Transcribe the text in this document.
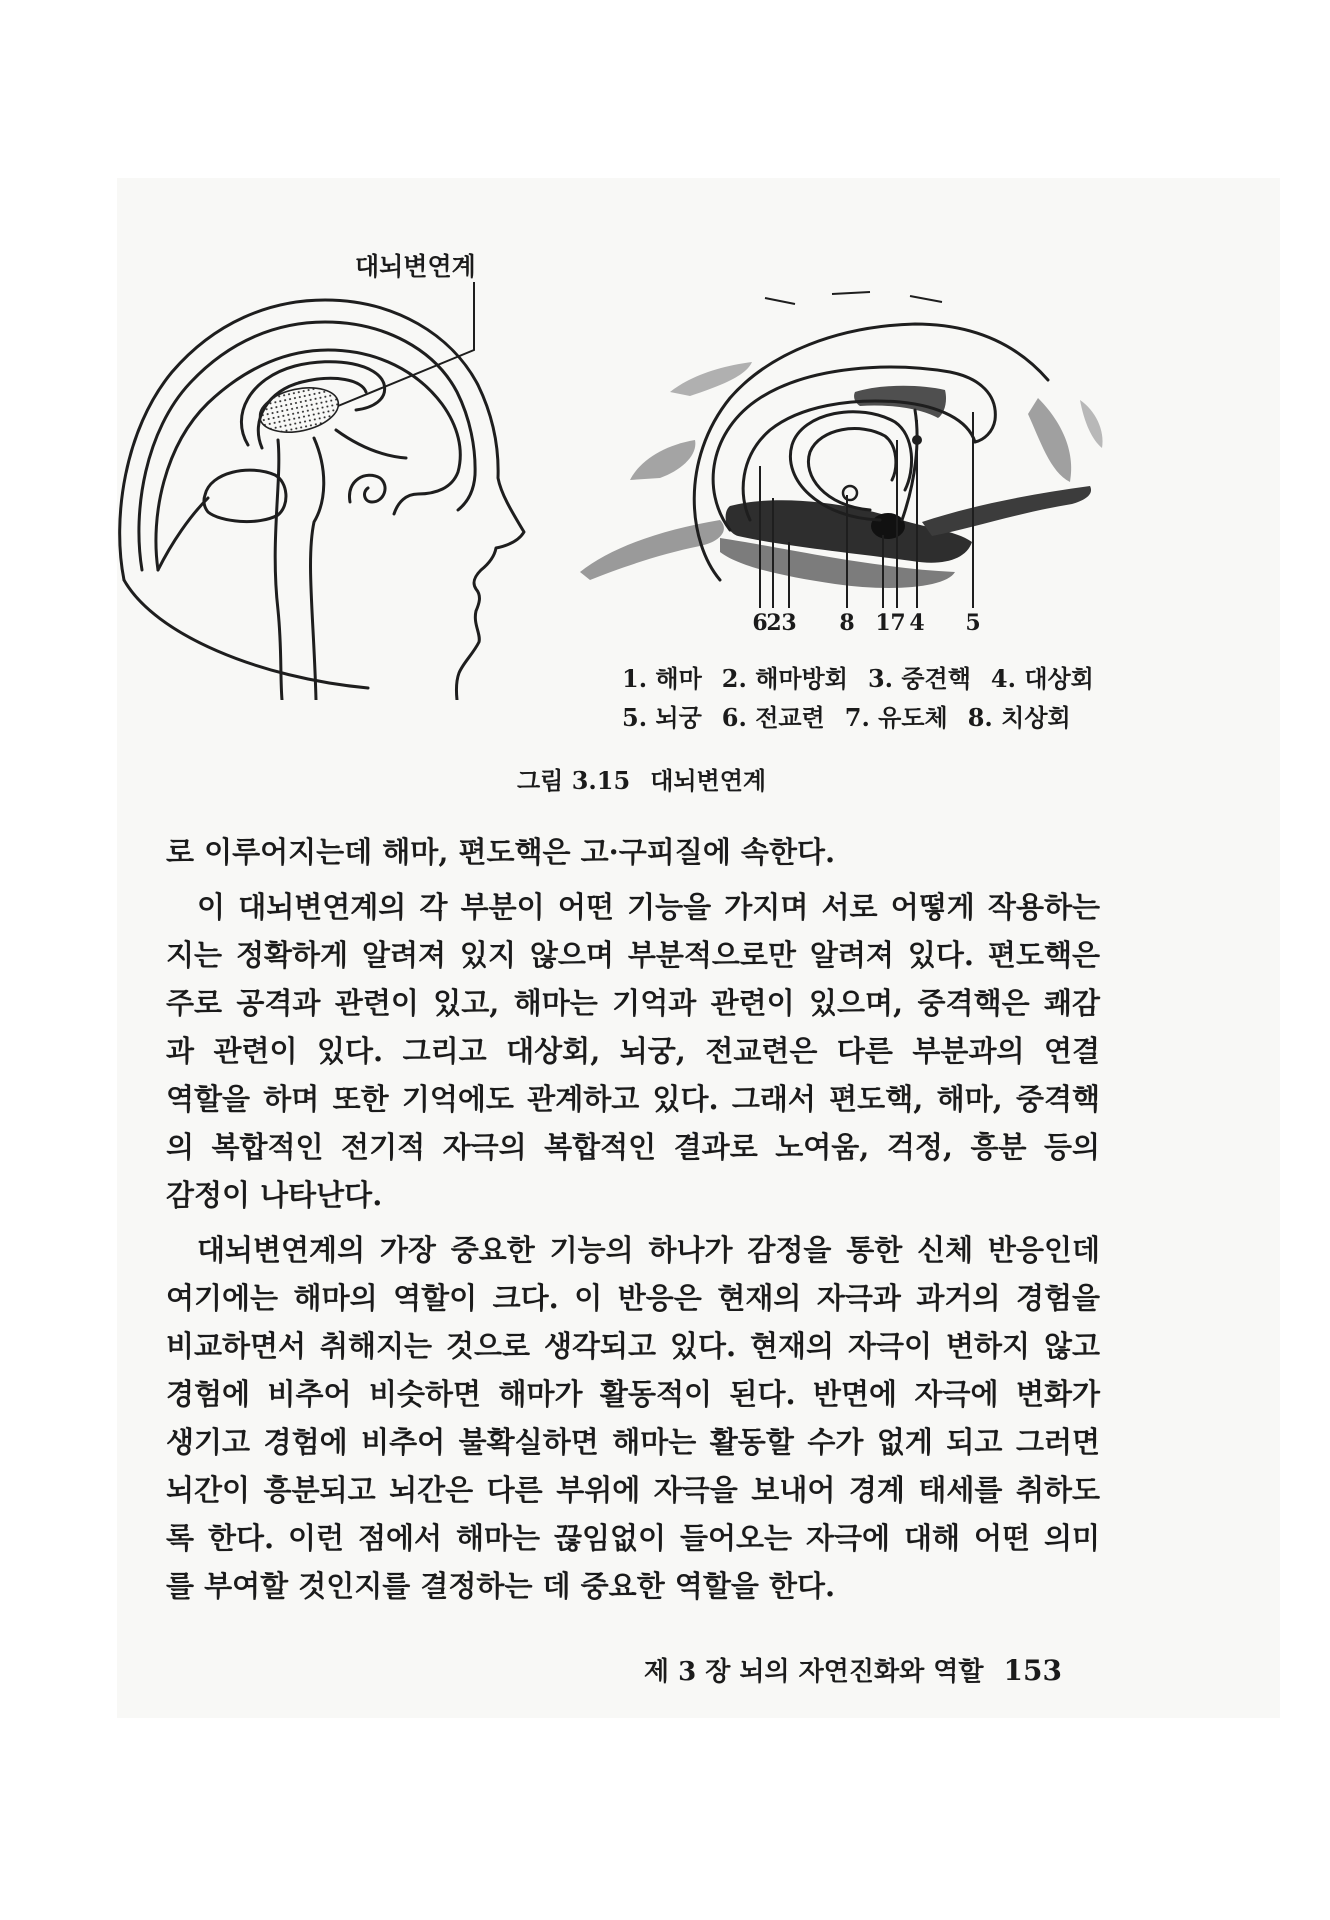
대뇌변연계
6
2 3 8 1 7 4 5
1. 해마 2. 해마방회 3. 중견핵 4. 대상회
5. 뇌궁 6. 전교련 7. 유도체 8. 치상회
그림 3.15 대뇌변연계
로 이루어지는데 해마, 편도핵은 고·구피질에 속한다.
이 대뇌변연계의 각 부분이 어떤 기능을 가지며 서로 어떻게 작용하는
지는 정확하게 알려져 있지 않으며 부분적으로만 알려져 있다. 편도핵은
주로 공격과 관련이 있고, 해마는 기억과 관련이 있으며, 중격핵은 쾌감
과 관련이 있다. 그리고 대상회, 뇌궁, 전교련은 다른 부분과의 연결
역할을 하며 또한 기억에도 관계하고 있다. 그래서 편도핵, 해마, 중격핵
의 복합적인 전기적 자극의 복합적인 결과로 노여움, 걱정, 흥분 등의
감정이 나타난다.
대뇌변연계의 가장 중요한 기능의 하나가 감정을 통한 신체 반응인데
여기에는 해마의 역할이 크다. 이 반응은 현재의 자극과 과거의 경험을
비교하면서 취해지는 것으로 생각되고 있다. 현재의 자극이 변하지 않고
경험에 비추어 비슷하면 해마가 활동적이 된다. 반면에 자극에 변화가
생기고 경험에 비추어 불확실하면 해마는 활동할 수가 없게 되고 그러면
뇌간이 흥분되고 뇌간은 다른 부위에 자극을 보내어 경계 태세를 취하도
록 한다. 이런 점에서 해마는 끊임없이 들어오는 자극에 대해 어떤 의미
를 부여할 것인지를 결정하는 데 중요한 역할을 한다.
제 3 장 뇌의 자연진화와 역할 153
